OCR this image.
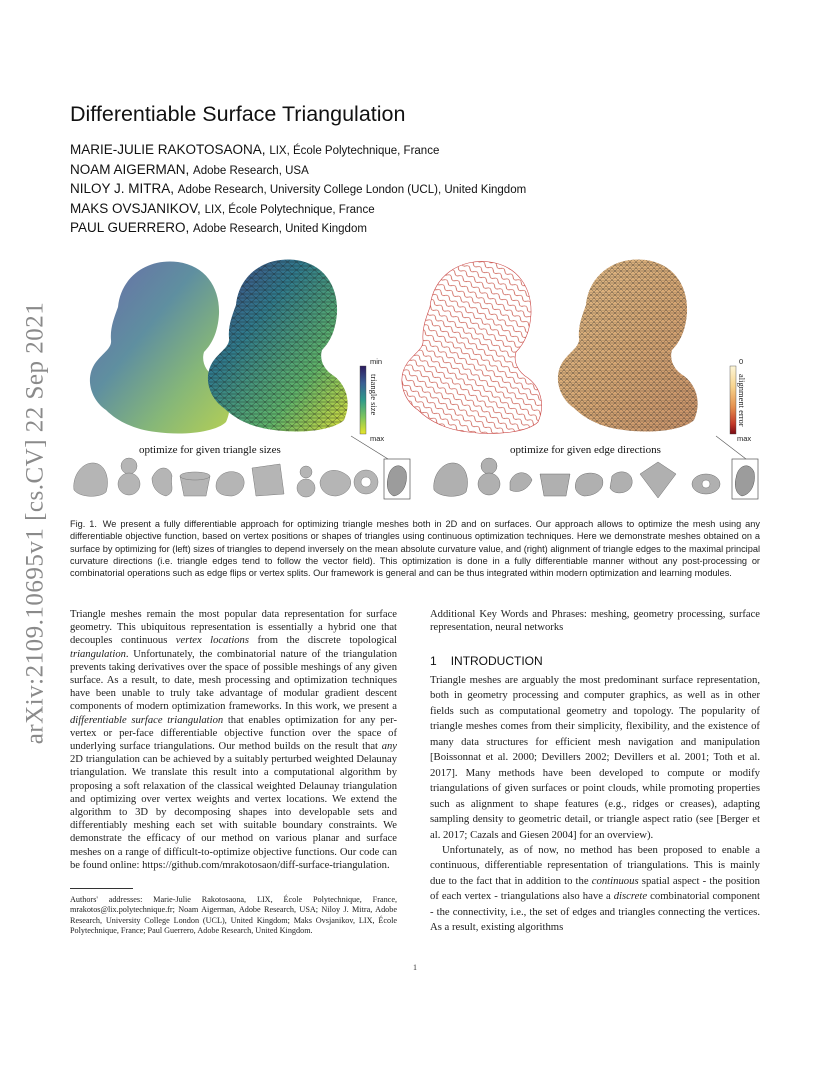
arXiv:2109.10695v1 [cs.CV] 22 Sep 2021
Differentiable Surface Triangulation
MARIE-JULIE RAKOTOSAONA, LIX, École Polytechnique, France
NOAM AIGERMAN, Adobe Research, USA
NILOY J. MITRA, Adobe Research, University College London (UCL), United Kingdom
MAKS OVSJANIKOV, LIX, École Polytechnique, France
PAUL GUERRERO, Adobe Research, United Kingdom
min
max
triangle size
0
max
alignment error
optimize for given triangle sizes	optimize for given edge directions
Fig. 1. We present a fully differentiable approach for optimizing triangle meshes both in 2D and on surfaces. Our approach allows to optimize the mesh using any differentiable objective function, based on vertex positions or shapes of triangles using continuous optimization techniques. Here we demonstrate meshes obtained on a surface by optimizing for (left) sizes of triangles to depend inversely on the mean absolute curvature value, and (right) alignment of triangle edges to the maximal principal curvature directions (i.e. triangle edges tend to follow the vector field). This optimization is done in a fully differentiable manner without any post-processing or combinatorial operations such as edge flips or vertex splits. Our framework is general and can be thus integrated within modern optimization and learning modules.
Triangle meshes remain the most popular data representation for surface geometry. This ubiquitous representation is essentially a hybrid one that decouples continuous vertex locations from the discrete topological triangulation. Unfortunately, the combinatorial nature of the triangulation prevents taking derivatives over the space of possible meshings of any given surface. As a result, to date, mesh processing and optimization techniques have been unable to truly take advantage of modular gradient descent components of modern optimization frameworks. In this work, we present a differentiable surface triangulation that enables optimization for any per-vertex or per-face differentiable objective function over the space of underlying surface triangulations. Our method builds on the result that any 2D triangulation can be achieved by a suitably perturbed weighted Delaunay triangulation. We translate this result into a computational algorithm by proposing a soft relaxation of the classical weighted Delaunay triangulation and optimizing over vertex weights and vertex locations. We extend the algorithm to 3D by decomposing shapes into developable sets and differentiably meshing each set with suitable boundary constraints. We demonstrate the efficacy of our method on various planar and surface meshes on a range of difficult-to-optimize objective functions. Our code can be found online: https://github.com/mrakotosaon/diff-surface-triangulation.
Authors' addresses: Marie-Julie Rakotosaona, LIX, École Polytechnique, France, mrakotos@lix.polytechnique.fr; Noam Aigerman, Adobe Research, USA; Niloy J. Mitra, Adobe Research, University College London (UCL), United Kingdom; Maks Ovsjanikov, LIX, École Polytechnique, France; Paul Guerrero, Adobe Research, United Kingdom.
Additional Key Words and Phrases: meshing, geometry processing, surface representation, neural networks
1 INTRODUCTION

Triangle meshes are arguably the most predominant surface representation, both in geometry processing and computer graphics, as well as in other fields such as computational geometry and topology. The popularity of triangle meshes comes from their simplicity, flexibility, and the existence of many data structures for efficient mesh navigation and manipulation [Boissonnat et al. 2000; Devillers 2002; Devillers et al. 2001; Toth et al. 2017]. Many methods have been developed to compute or modify triangulations of given surfaces or point clouds, while promoting properties such as alignment to shape features (e.g., ridges or creases), adapting sampling density to geometric detail, or triangle aspect ratio (see [Berger et al. 2017; Cazals and Giesen 2004] for an overview).

Unfortunately, as of now, no method has been proposed to enable a continuous, differentiable representation of triangulations. This is mainly due to the fact that in addition to the continuous spatial aspect - the position of each vertex - triangulations also have a discrete combinatorial component - the connectivity, i.e., the set of edges and triangles connecting the vertices. As a result, existing algorithms

1
